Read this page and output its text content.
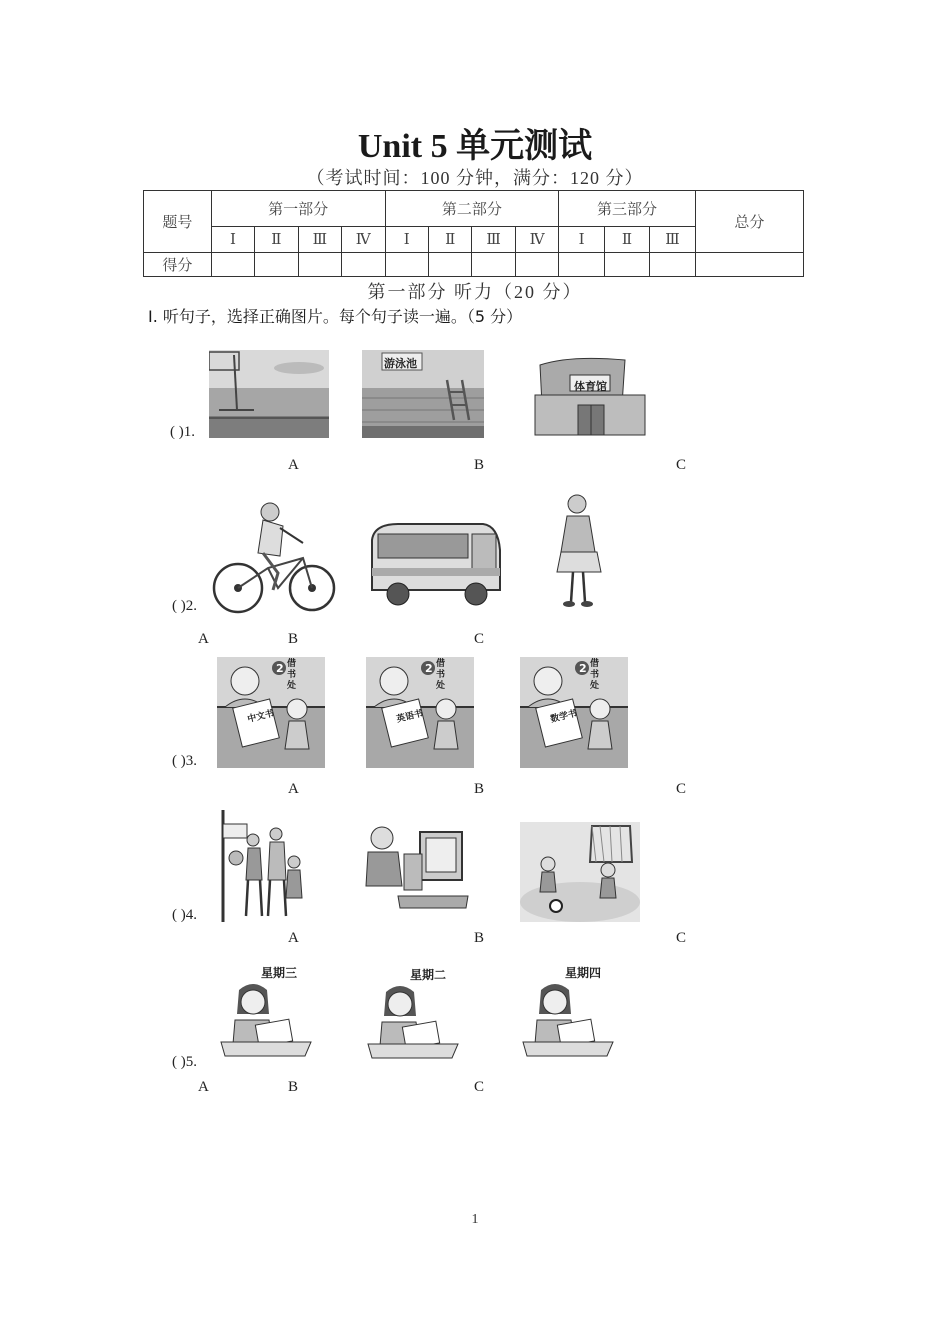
Unit 5 单元测试
（考试时间：100 分钟，满分：120 分）
题号	第一部分				第二部分				第三部分			总分
	Ⅰ	Ⅱ	Ⅲ	Ⅳ	Ⅰ	Ⅱ	Ⅲ	Ⅳ	Ⅰ	Ⅱ	Ⅲ	
得分												
第一部分 听力（20 分）
Ⅰ. 听句子，选择正确图片。每个句子读一遍。（5 分）
( )1.
游泳池
体育馆
A	B	C
( )2.
A	B	C
( )3.
2 借书处
中文书
2 借书处
英语书
2 借书处
数学书
A	B	C
( )4.
A	B	C
( )5.
星期三	星期二	星期四
A	B	C
1
